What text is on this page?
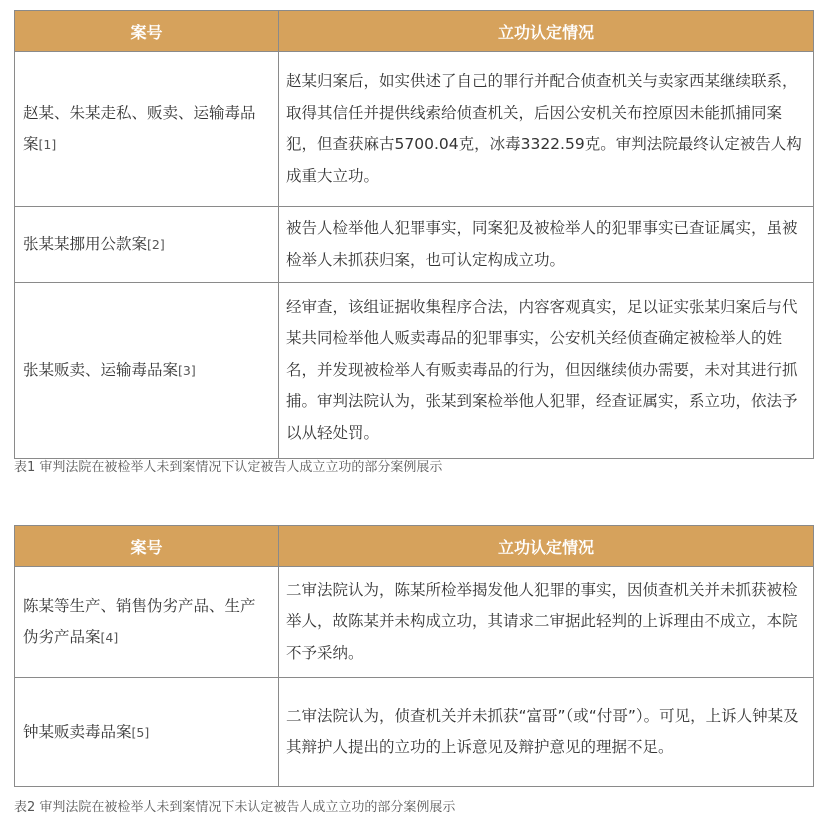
案号	立功认定情况
赵某、朱某走私、贩卖、运输毒品案[1]	赵某归案后，如实供述了自己的罪行并配合侦查机关与卖家西某继续联系，取得其信任并提供线索给侦查机关，后因公安机关布控原因未能抓捕同案犯，但查获麻古5700.04克，冰毒3322.59克。审判法院最终认定被告人构成重大立功。
张某某挪用公款案[2]	被告人检举他人犯罪事实，同案犯及被检举人的犯罪事实已查证属实，虽被检举人未抓获归案，也可认定构成立功。
张某贩卖、运输毒品案[3]	经审查，该组证据收集程序合法，内容客观真实，足以证实张某归案后与代某共同检举他人贩卖毒品的犯罪事实，公安机关经侦查确定被检举人的姓名，并发现被检举人有贩卖毒品的行为，但因继续侦办需要，未对其进行抓捕。审判法院认为，张某到案检举他人犯罪，经查证属实，系立功，依法予以从轻处罚。
表1 审判法院在被检举人未到案情况下认定被告人成立立功的部分案例展示
案号	立功认定情况
陈某等生产、销售伪劣产品、生产伪劣产品案[4]	二审法院认为，陈某所检举揭发他人犯罪的事实，因侦查机关并未抓获被检举人，故陈某并未构成立功，其请求二审据此轻判的上诉理由不成立，本院不予采纳。
钟某贩卖毒品案[5]	二审法院认为，侦查机关并未抓获“富哥”（或“付哥”）。可见，上诉人钟某及其辩护人提出的立功的上诉意见及辩护意见的理据不足。
表2 审判法院在被检举人未到案情况下未认定被告人成立立功的部分案例展示
